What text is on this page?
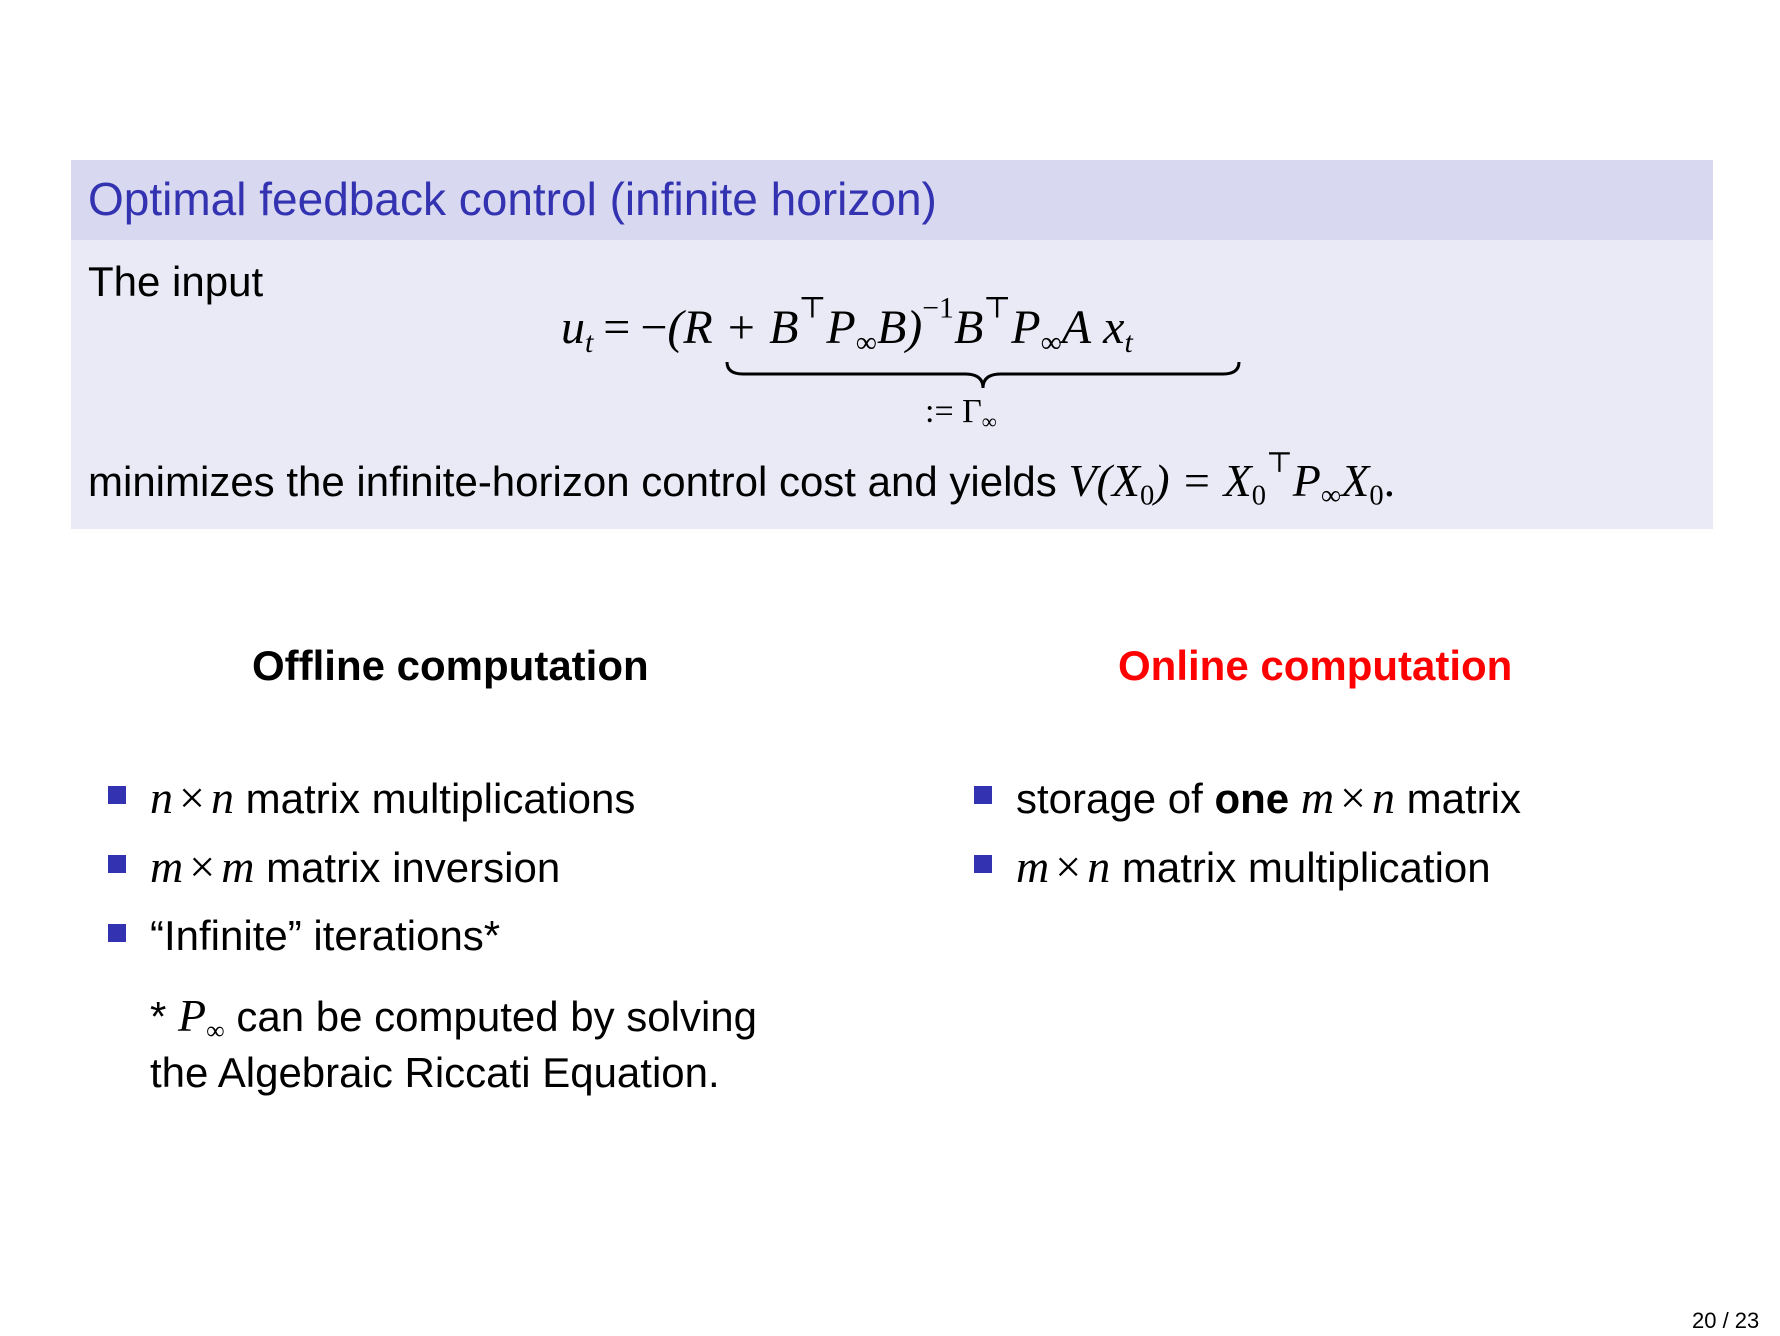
Optimal feedback control (infinite horizon)
The input
$u_t = -(R + B^⊤P_\infty B)^{-1}B^⊤P_\infty A$ $x_t$
:= $\Gamma_\infty$
minimizes the infinite-horizon control cost and yields $V(X_0) = X_0^⊤P_\infty X_0$.
Offline computation	Online computation
n × n matrix multiplications
m × m matrix inversion
“Infinite” iterations*
* $P_\infty$ can be computed by solving
the Algebraic Riccati Equation.
storage of one m × n matrix
m × n matrix multiplication
20 / 23
